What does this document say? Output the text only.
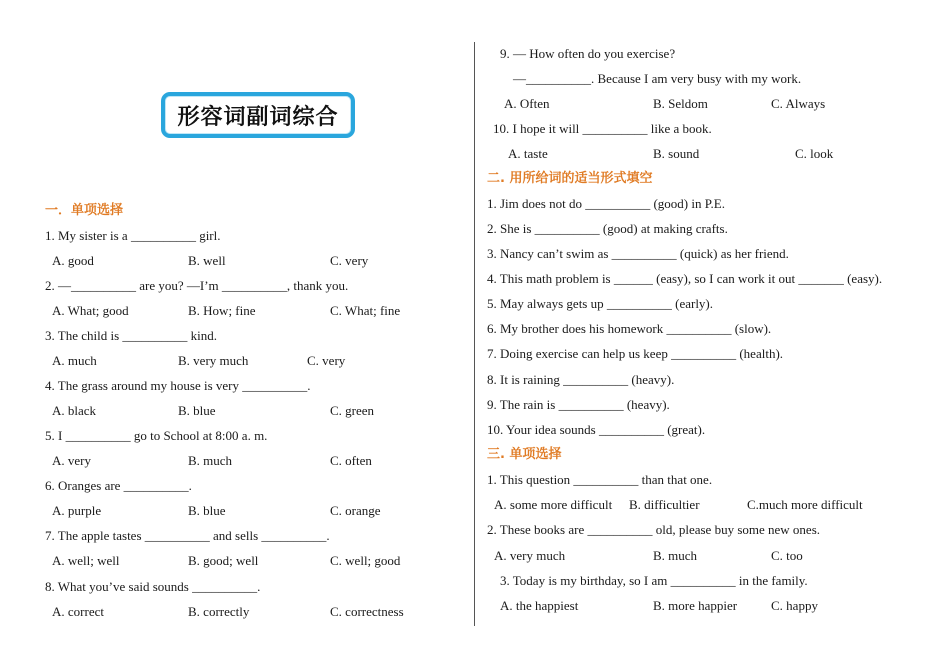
形容词副词综合
一．单项选择
1. My sister is a __________ girl.
A. good	B. well	C. very
2. —__________ are you? —I’m __________, thank you.
A. What; good	B. How; fine	C. What; fine
3. The child is __________ kind.
A. much	B. very much	C. very
4. The grass around my house is very __________.
A. black	B. blue	C. green
5. I __________ go to School at 8:00 a. m.
A. very	B. much	C. often
6. Oranges are __________.
A. purple	B. blue	C. orange
7. The apple tastes __________ and sells __________.
A. well; well	B. good; well	C. well; good
8. What you’ve said sounds __________.
A. correct	B. correctly	C. correctness
9. — How often do you exercise?
—__________. Because I am very busy with my work.
A. Often	B. Seldom	C. Always
10. I hope it will __________ like a book.
A. taste	B. sound	C. look
二. 用所给词的适当形式填空
1. Jim does not do __________ (good) in P.E.
2. She is __________ (good) at making crafts.
3. Nancy can’t swim as __________ (quick) as her friend.
4. This math problem is ______ (easy), so I can work it out _______ (easy).
5. May always gets up __________ (early).
6. My brother does his homework __________ (slow).
7. Doing exercise can help us keep __________ (health).
8. It is raining __________ (heavy).
9. The rain is __________ (heavy).
10. Your idea sounds __________ (great).
三. 单项选择
1. This question __________ than that one.
A. some more difficult B. difficultier	C.much more difficult
2. These books are __________ old, please buy some new ones.
A. very much	B. much	C. too
3. Today is my birthday, so I am __________ in the family.
A. the happiest	B. more happier	C. happy
